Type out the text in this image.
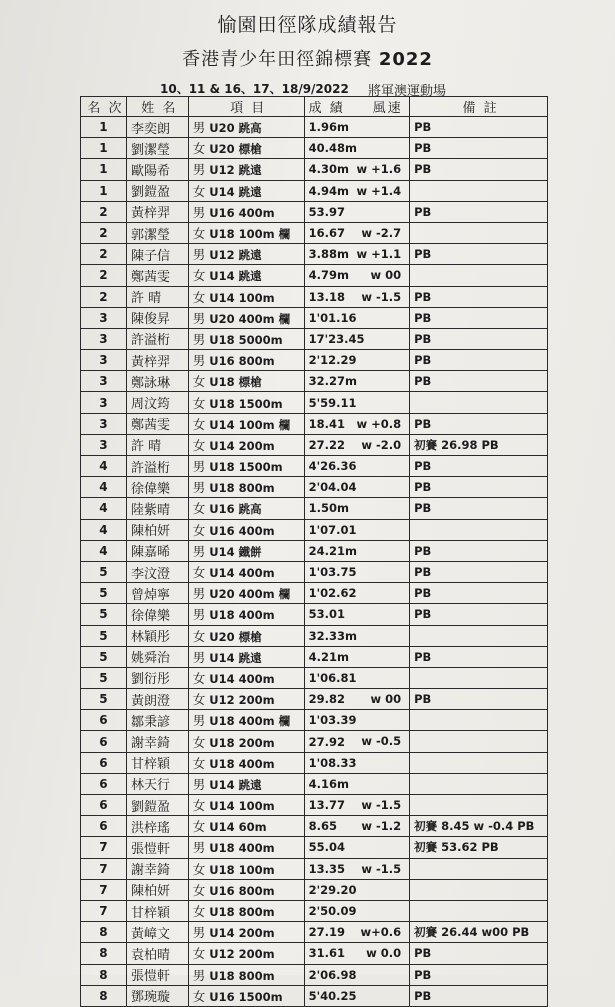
愉園田徑隊成績報告
香港青少年田徑錦標賽 2022
10、11 & 16、17、18/9/2022 將軍澳運動場
名 次	姓 名	項 目	成 績 風速	備 註
1	李奕朗	男 U20 跳高	1.96m	PB
1	劉潔瑩	女 U20 標槍	40.48m	PB
1	歐陽希	男 U12 跳遠	4.30m w +1.6	PB
1	劉鎧盈	女 U14 跳遠	4.94m w +1.4	

2	黃梓羿	男 U16 400m	53.97	PB
2	郭潔瑩	女 U18 100m 欄	16.67 w -2.7	

2	陳子信	男 U12 跳遠	3.88m w +1.1	PB
2	鄭茜雯	女 U14 跳遠	4.79m w 00	

2	許 晴	女 U14 100m	13.18 w -1.5	PB
3	陳俊昇	男 U20 400m 欄	1'01.16	PB
3	許溢桁	男 U18 5000m	17'23.45	PB
3	黃梓羿	男 U16 800m	2'12.29	PB
3	鄭詠琳	女 U18 標槍	32.27m	PB
3	周汶筠	女 U18 1500m	5'59.11

3	鄭茜雯	女 U14 100m 欄	18.41 w +0.8	PB
3	許 晴	女 U14 200m	27.22 w -2.0	初賽 26.98 PB
4	許溢桁	男 U18 1500m	4'26.36	PB
4	徐偉樂	男 U18 800m	2'04.04	PB
4	陸紫晴	女 U16 跳高	1.50m	PB
4	陳柏妍	女 U16 400m	1'07.01

4	陳嘉晞	男 U14 鐵餅	24.21m	PB
5	李汶澄	女 U14 400m	1'03.75	PB
5	曾焯寧	男 U20 400m 欄	1'02.62	PB
5	徐偉樂	男 U18 400m	53.01	PB
5	林穎彤	女 U20 標槍	32.33m

5	姚舜治	男 U14 跳遠	4.21m	PB
5	劉衍彤	女 U14 400m	1'06.81

5	黃朗澄	女 U12 200m	29.82 w 00	PB
6	鄒秉諺	男 U18 400m 欄	1'03.39

6	謝幸錡	女 U18 200m	27.92 w -0.5	

6	甘梓穎	女 U18 400m	1'08.33

6	林天行	男 U14 跳遠	4.16m

6	劉鎧盈	女 U14 100m	13.77 w -1.5	

6	洪梓瑤	女 U14 60m	8.65 w -1.2	初賽 8.45 w -0.4 PB
7	張愷軒	男 U18 400m	55.04	初賽 53.62 PB
7	謝幸錡	女 U18 100m	13.35 w -1.5	

7	陳柏妍	女 U16 800m	2'29.20

7	甘梓穎	女 U18 800m	2'50.09

8	黃嶂文	男 U14 200m	27.19 w+0.6	初賽 26.44 w00 PB
8	袁柏晴	女 U12 200m	31.61 w 0.0	PB
8	張愷軒	男 U18 800m	2'06.98	PB
8	鄧琬璇	女 U16 1500m	5'40.25	PB
